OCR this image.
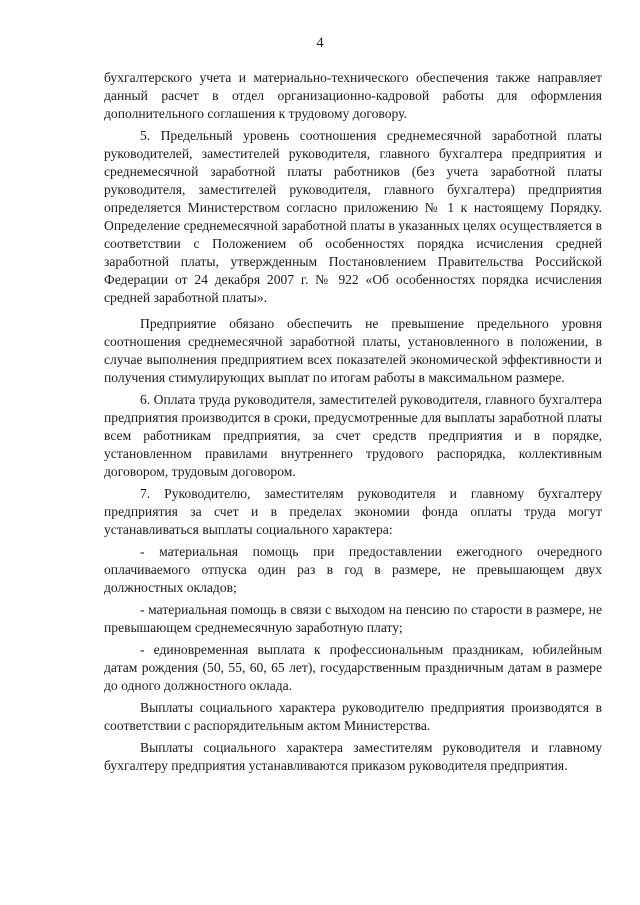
4

бухгалтерского учета и материально-технического обеспечения также направляет данный расчет в отдел организационно-кадровой работы для оформления дополнительного соглашения к трудовому договору.

5. Предельный уровень соотношения среднемесячной заработной платы руководителей, заместителей руководителя, главного бухгалтера предприятия и среднемесячной заработной платы работников (без учета заработной платы руководителя, заместителей руководителя, главного бухгалтера) предприятия определяется Министерством согласно приложению № 1 к настоящему Порядку. Определение среднемесячной заработной платы в указанных целях осуществляется в соответствии с Положением об особенностях порядка исчисления средней заработной платы, утвержденным Постановлением Правительства Российской Федерации от 24 декабря 2007 г. № 922 «Об особенностях порядка исчисления средней заработной платы».

Предприятие обязано обеспечить не превышение предельного уровня соотношения среднемесячной заработной платы, установленного в положении, в случае выполнения предприятием всех показателей экономической эффективности и получения стимулирующих выплат по итогам работы в максимальном размере.

6. Оплата труда руководителя, заместителей руководителя, главного бухгалтера предприятия производится в сроки, предусмотренные для выплаты заработной платы всем работникам предприятия, за счет средств предприятия и в порядке, установленном правилами внутреннего трудового распорядка, коллективным договором, трудовым договором.

7. Руководителю, заместителям руководителя и главному бухгалтеру предприятия за счет и в пределах экономии фонда оплаты труда могут устанавливаться выплаты социального характера:

- материальная помощь при предоставлении ежегодного очередного оплачиваемого отпуска один раз в год в размере, не превышающем двух должностных окладов;

- материальная помощь в связи с выходом на пенсию по старости в размере, не превышающем среднемесячную заработную плату;

- единовременная выплата к профессиональным праздникам, юбилейным датам рождения (50, 55, 60, 65 лет), государственным праздничным датам в размере до одного должностного оклада.

Выплаты социального характера руководителю предприятия производятся в соответствии с распорядительным актом Министерства.

Выплаты социального характера заместителям руководителя и главному бухгалтеру предприятия устанавливаются приказом руководителя предприятия.
